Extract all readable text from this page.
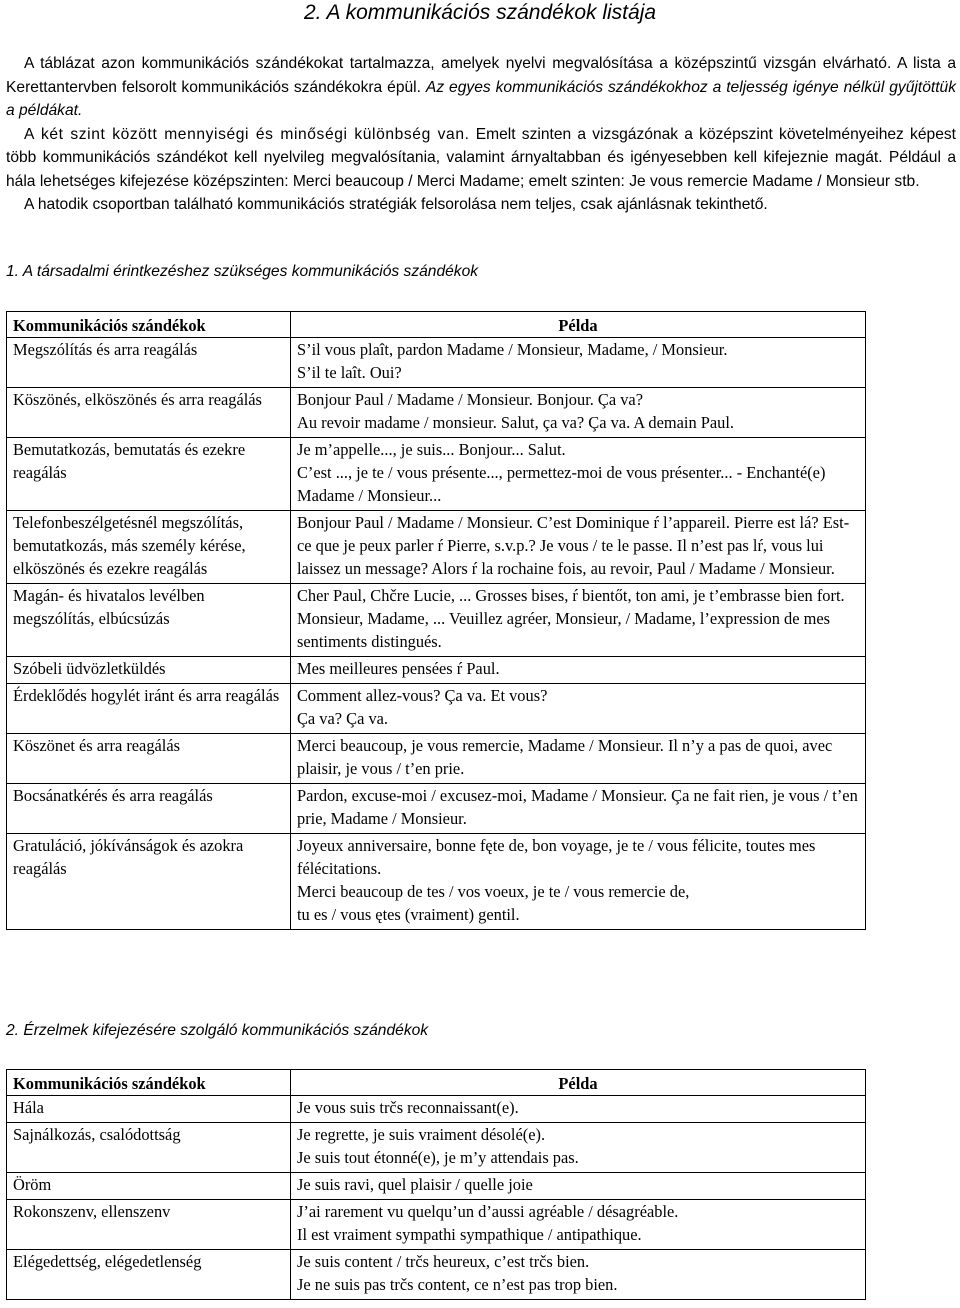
2. A kommunikációs szándékok listája

A táblázat azon kommunikációs szándékokat tartalmazza, amelyek nyelvi megvalósítása a középszintű vizsgán elvárható. A lista a Kerettantervben felsorolt kommunikációs szándékokra épül. Az egyes kommunikációs szándékokhoz a teljesség igénye nélkül gyűjtöttük a példákat.

A két szint között mennyiségi és minőségi különbség van. Emelt szinten a vizsgázónak a középszint követelményeihez képest több kommunikációs szándékot kell nyelvileg megvalósítania, valamint árnyaltabban és igényesebben kell kifejeznie magát. Például a hála lehetséges kifejezése középszinten: Merci beaucoup / Merci Madame; emelt szinten: Je vous remercie Madame / Monsieur stb.

A hatodik csoportban található kommunikációs stratégiák felsorolása nem teljes, csak ajánlásnak tekinthető.

1. A társadalmi érintkezéshez szükséges kommunikációs szándékok
Kommunikációs szándékok	Példa
Megszólítás és arra reagálás	S’il vous plaît, pardon Madame / Monsieur, Madame, / Monsieur.
S’il te laît. Oui?

Köszönés, elköszönés és arra reagálás	Bonjour Paul / Madame / Monsieur. Bonjour. Ça va?
Au revoir madame / monsieur. Salut, ça va? Ça va. A demain Paul.

Bemutatkozás, bemutatás és ezekre reagálás	Je m’appelle..., je suis... Bonjour... Salut.
C’est ..., je te / vous présente..., permettez-moi de vous présenter... - Enchanté(e) Madame / Monsieur...

Telefonbeszélgetésnél megszólítás, bemutatkozás, más személy kérése, elköszönés és ezekre reagálás	Bonjour Paul / Madame / Monsieur. C’est Dominique ŕ l’appareil. Pierre est lá? Est-ce que je peux parler ŕ Pierre, s.v.p.? Je vous / te le passe. Il n’est pas lŕ, vous lui laissez un message? Alors ŕ la rochaine fois, au revoir, Paul / Madame / Monsieur.

Magán- és hivatalos levélben megszólítás, elbúcsúzás	Cher Paul, Chčre Lucie, ... Grosses bises, ŕ bientőt, ton ami, je t’embrasse bien fort.
Monsieur, Madame, ... Veuillez agréer, Monsieur, / Madame, l’expression de mes sentiments distingués.

Szóbeli üdvözletküldés	Mes meilleures pensées ŕ Paul.

Érdeklődés hogylét iránt és arra reagálás	Comment allez-vous? Ça va. Et vous?
Ça va? Ça va.

Köszönet és arra reagálás	Merci beaucoup, je vous remercie, Madame / Monsieur. Il n’y a pas de quoi, avec plaisir, je vous / t’en prie.

Bocsánatkérés és arra reagálás	Pardon, excuse-moi / excusez-moi, Madame / Monsieur. Ça ne fait rien, je vous / t’en prie, Madame / Monsieur.

Gratuláció, jókívánságok és azokra reagálás	Joyeux anniversaire, bonne fęte de, bon voyage, je te / vous félicite, toutes mes félécitations.
Merci beaucoup de tes / vos voeux, je te / vous remercie de,
tu es / vous ętes (vraiment) gentil.
2. Érzelmek kifejezésére szolgáló kommunikációs szándékok
Kommunikációs szándékok	Példa
Hála	Je vous suis trčs reconnaissant(e).

Sajnálkozás, csalódottság	Je regrette, je suis vraiment désolé(e).
Je suis tout étonné(e), je m’y attendais pas.

Öröm	Je suis ravi, quel plaisir / quelle joie

Rokonszenv, ellenszenv	J’ai rarement vu quelqu’un d’aussi agréable / désagréable.
Il est vraiment sympathi sympathique / antipathique.

Elégedettség, elégedetlenség	Je suis content / trčs heureux, c’est trčs bien.
Je ne suis pas trčs content, ce n’est pas trop bien.
